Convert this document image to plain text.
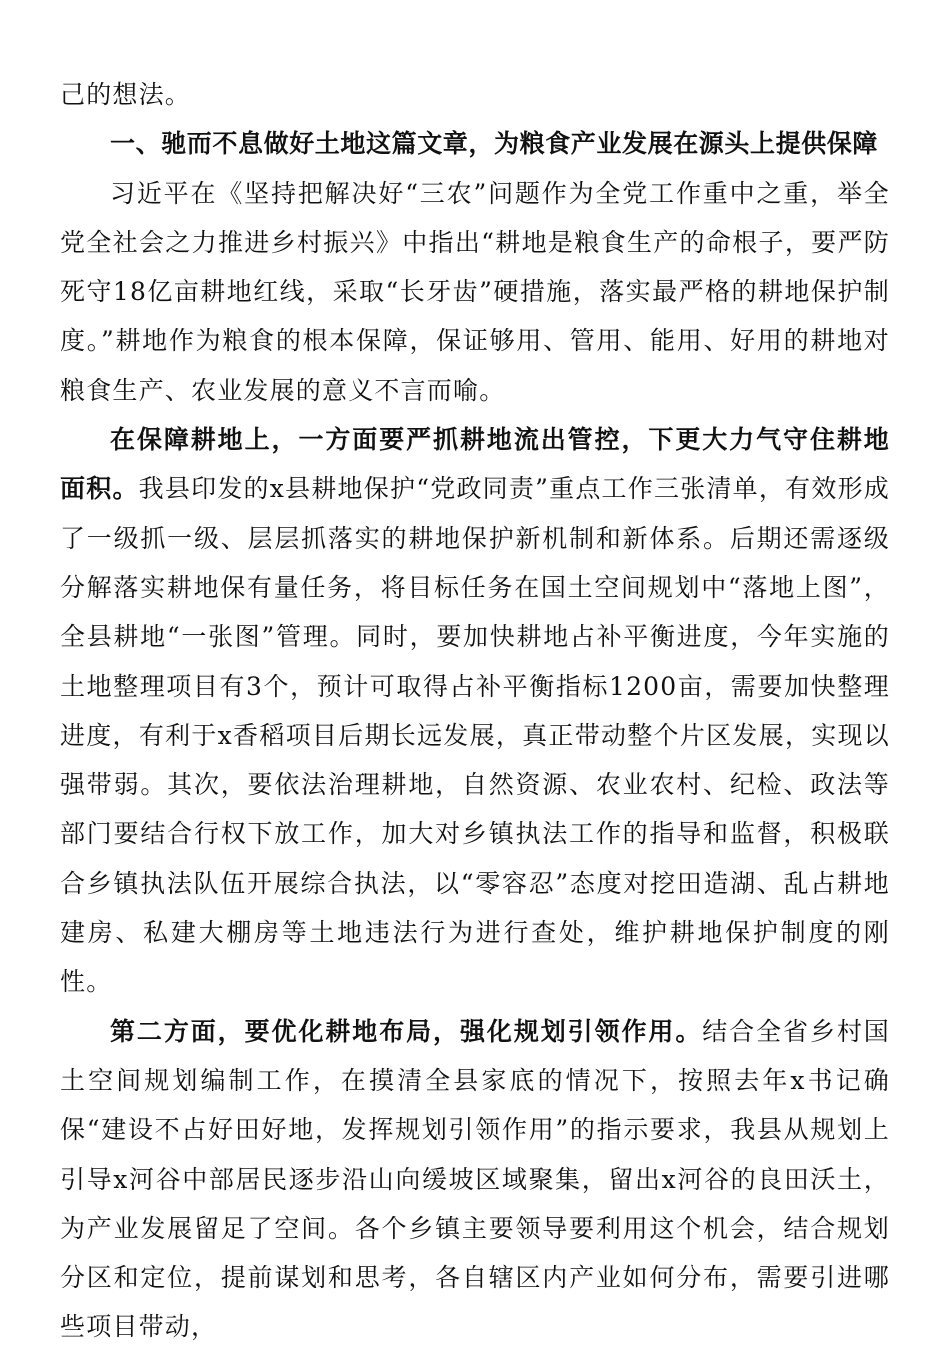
己的想法。

一、驰而不息做好土地这篇文章，为粮食产业发展在源头上提供保障

习近平在《坚持把解决好“三农”问题作为全党工作重中之重，举全党全社会之力推进乡村振兴》中指出“耕地是粮食生产的命根子，要严防死守18亿亩耕地红线，采取“长牙齿”硬措施，落实最严格的耕地保护制度。”耕地作为粮食的根本保障，保证够用、管用、能用、好用的耕地对粮食生产、农业发展的意义不言而喻。

在保障耕地上，一方面要严抓耕地流出管控，下更大力气守住耕地面积。我县印发的x县耕地保护“党政同责”重点工作三张清单，有效形成了一级抓一级、层层抓落实的耕地保护新机制和新体系。后期还需逐级分解落实耕地保有量任务，将目标任务在国土空间规划中“落地上图”，全县耕地“一张图”管理。同时，要加快耕地占补平衡进度，今年实施的土地整理项目有3个，预计可取得占补平衡指标1200亩，需要加快整理进度，有利于x香稻项目后期长远发展，真正带动整个片区发展，实现以强带弱。其次，要依法治理耕地，自然资源、农业农村、纪检、政法等部门要结合行权下放工作，加大对乡镇执法工作的指导和监督，积极联合乡镇执法队伍开展综合执法，以“零容忍”态度对挖田造湖、乱占耕地建房、私建大棚房等土地违法行为进行查处，维护耕地保护制度的刚性。

第二方面，要优化耕地布局，强化规划引领作用。结合全省乡村国土空间规划编制工作，在摸清全县家底的情况下，按照去年x书记确保“建设不占好田好地，发挥规划引领作用”的指示要求，我县从规划上引导x河谷中部居民逐步沿山向缓坡区域聚集，留出x河谷的良田沃土，为产业发展留足了空间。各个乡镇主要领导要利用这个机会，结合规划分区和定位，提前谋划和思考，各自辖区内产业如何分布，需要引进哪些项目带动，
